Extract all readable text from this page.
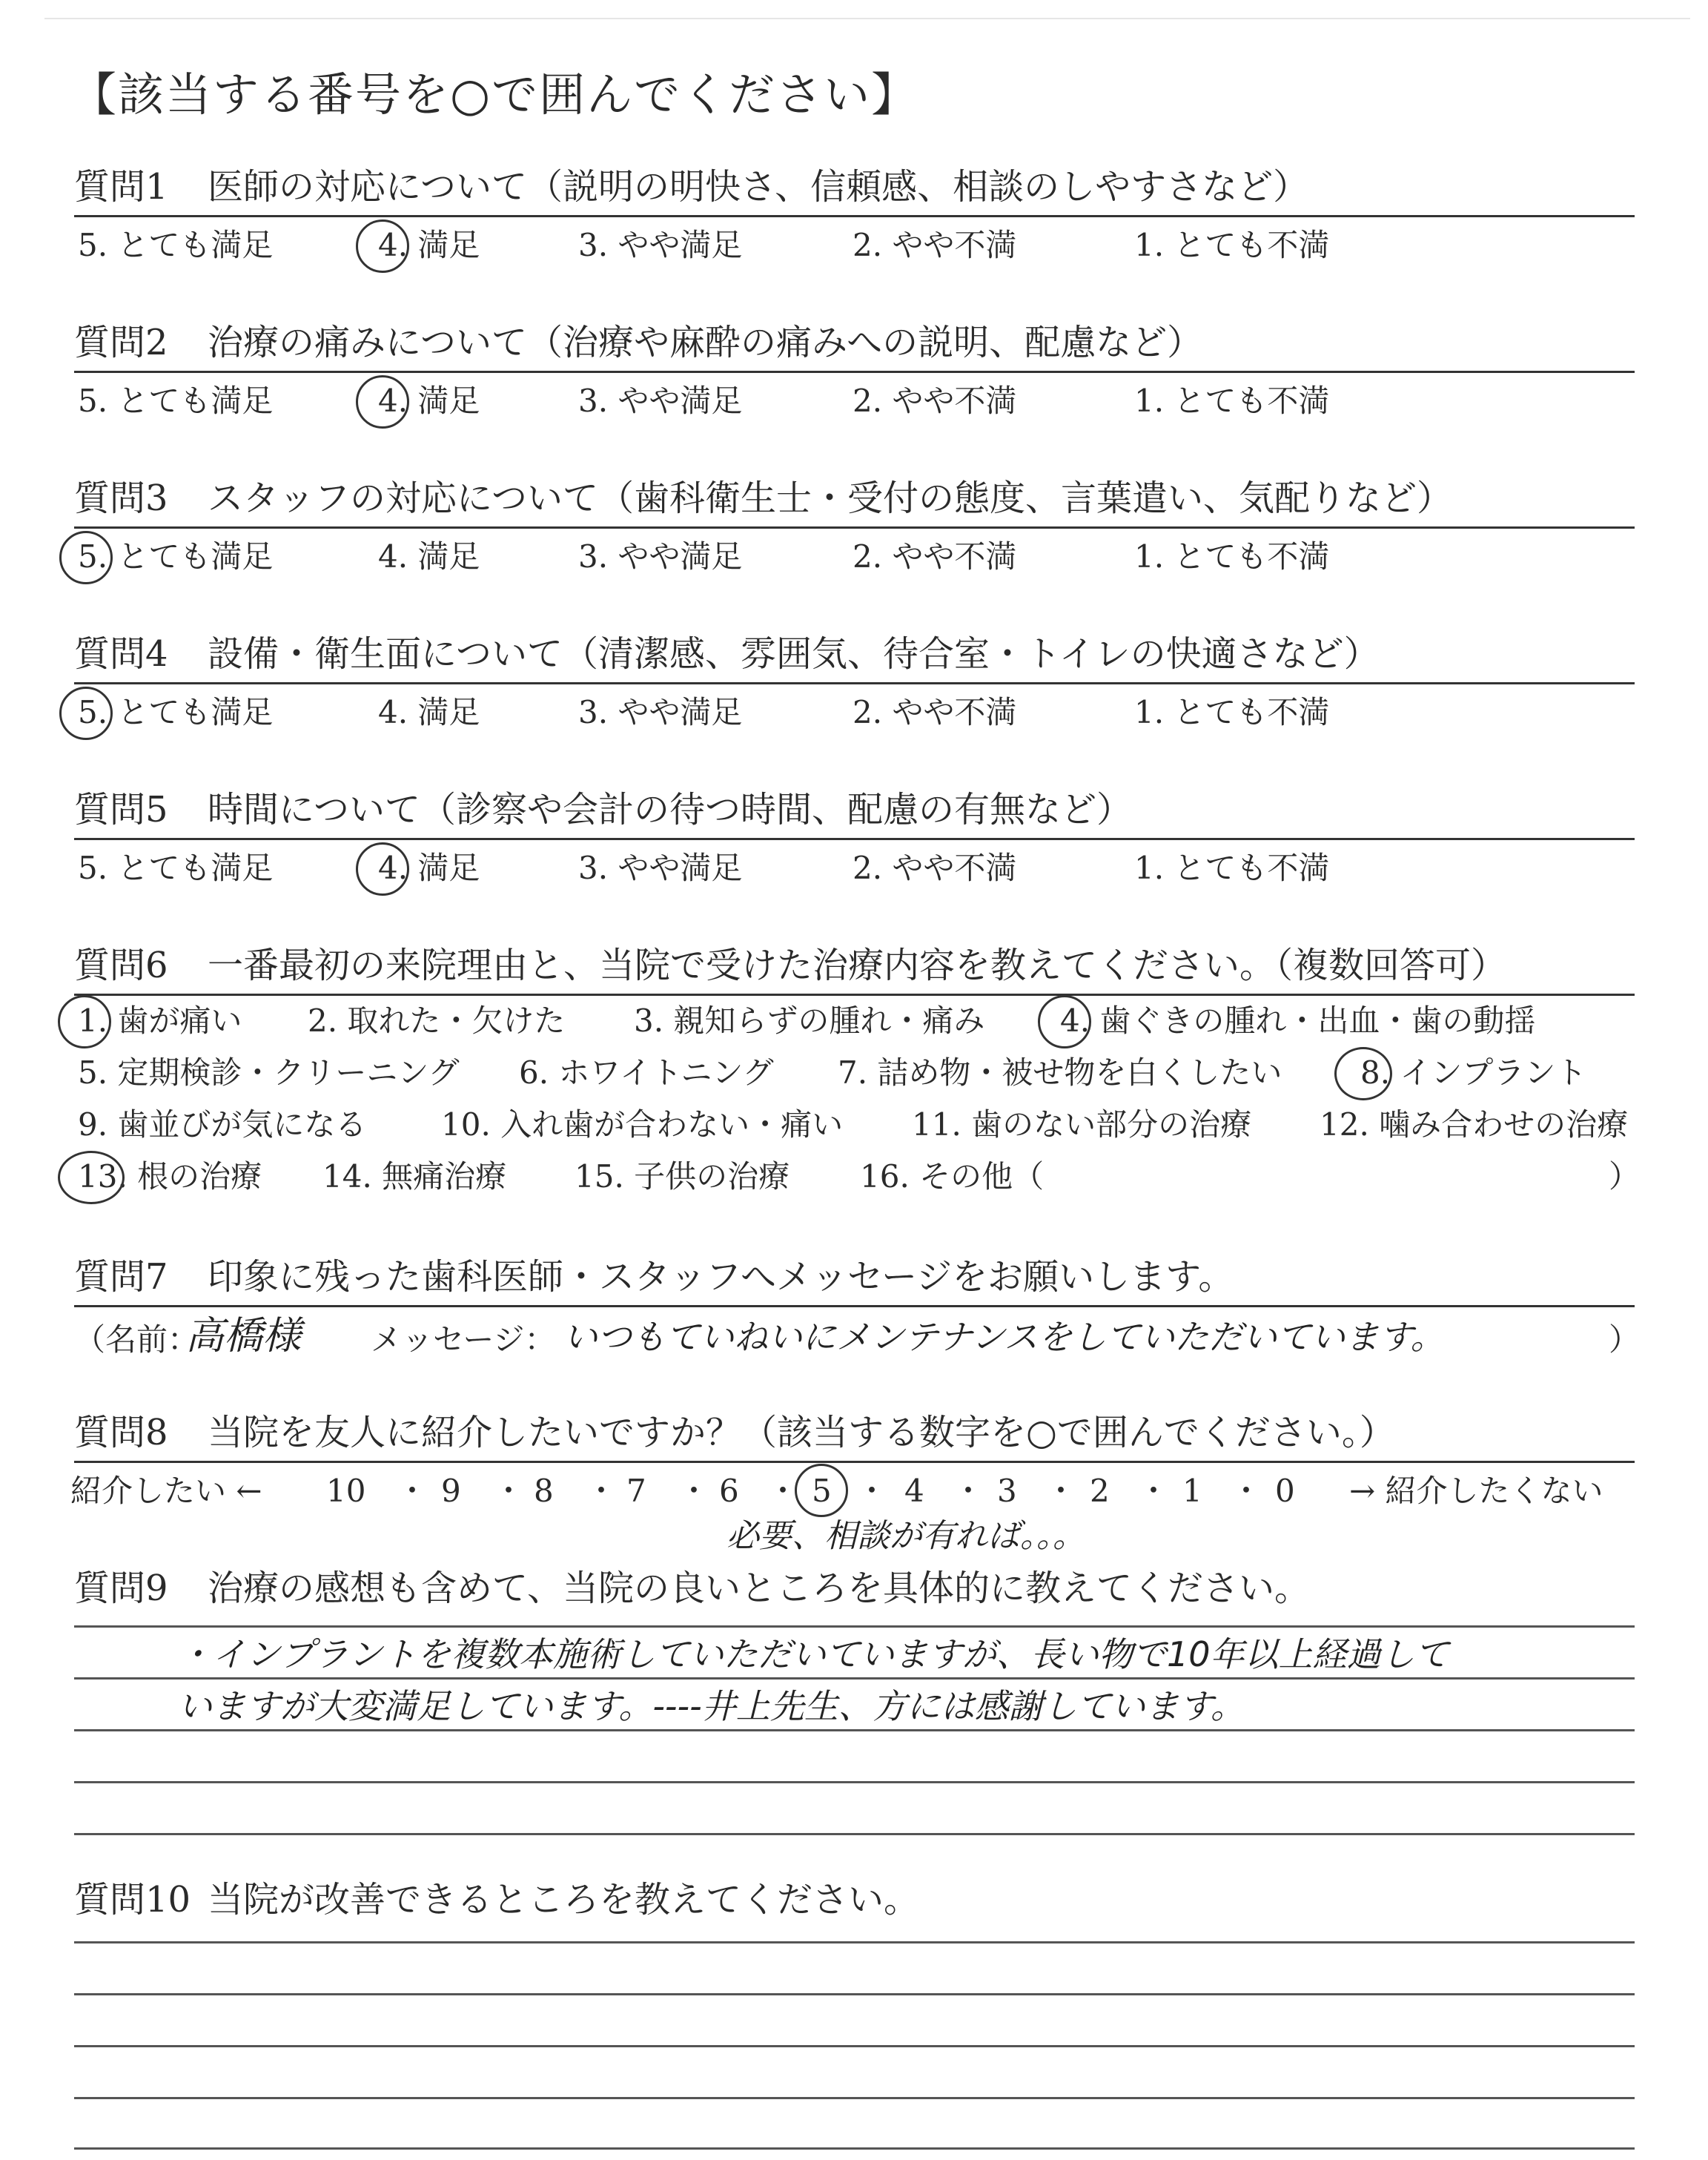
【該当する番号を○で囲んでください】
質問1 医師の対応について（説明の明快さ、信頼感、相談のしやすさなど）
5. とても満足	4. 満足	3. やや満足	2. やや不満	1. とても不満
質問2 治療の痛みについて（治療や麻酔の痛みへの説明、配慮など）
5. とても満足	4. 満足	3. やや満足	2. やや不満	1. とても不満
質問3 スタッフの対応について（歯科衛生士・受付の態度、言葉遣い、気配りなど）
5. とても満足	4. 満足	3. やや満足	2. やや不満	1. とても不満
質問4 設備・衛生面について（清潔感、雰囲気、待合室・トイレの快適さなど）
5. とても満足	4. 満足	3. やや満足	2. やや不満	1. とても不満
質問5 時間について（診察や会計の待つ時間、配慮の有無など）
5. とても満足	4. 満足	3. やや満足	2. やや不満	1. とても不満
質問6 一番最初の来院理由と、当院で受けた治療内容を教えてください。（複数回答可）
1. 歯が痛い 2. 取れた・欠けた 3. 親知らずの腫れ・痛み 4. 歯ぐきの腫れ・出血・歯の動揺
5. 定期検診・クリーニング 6. ホワイトニング 7. 詰め物・被せ物を白くしたい	8. インプラント
9. 歯並びが気になる 10. 入れ歯が合わない・痛い 11. 歯のない部分の治療 12. 噛み合わせの治療
13. 根の治療 14. 無痛治療 15. 子供の治療 16. その他（	）
質問7 印象に残った歯科医師・スタッフへメッセージをお願いします。
（名前：
高橋様 メッセージ： いつもていねいにメンテナンスをしていただいています。	）
質問8 当院を友人に紹介したいですか？（該当する数字を○で囲んでください。）
紹介したい ← 10 ・ 9 ・ 8 ・ 7 ・ 6 ・ 5 ・ 4 ・ 3 ・ 2 ・ 1 ・ 0 → 紹介したくない
必要、相談が有れば。。。
質問9 治療の感想も含めて、当院の良いところを具体的に教えてください。
・インプラントを複数本施術していただいていますが、長い物で10年以上経過して
いますが大変満足しています。----井上先生、方には感謝しています。
質問10 当院が改善できるところを教えてください。
